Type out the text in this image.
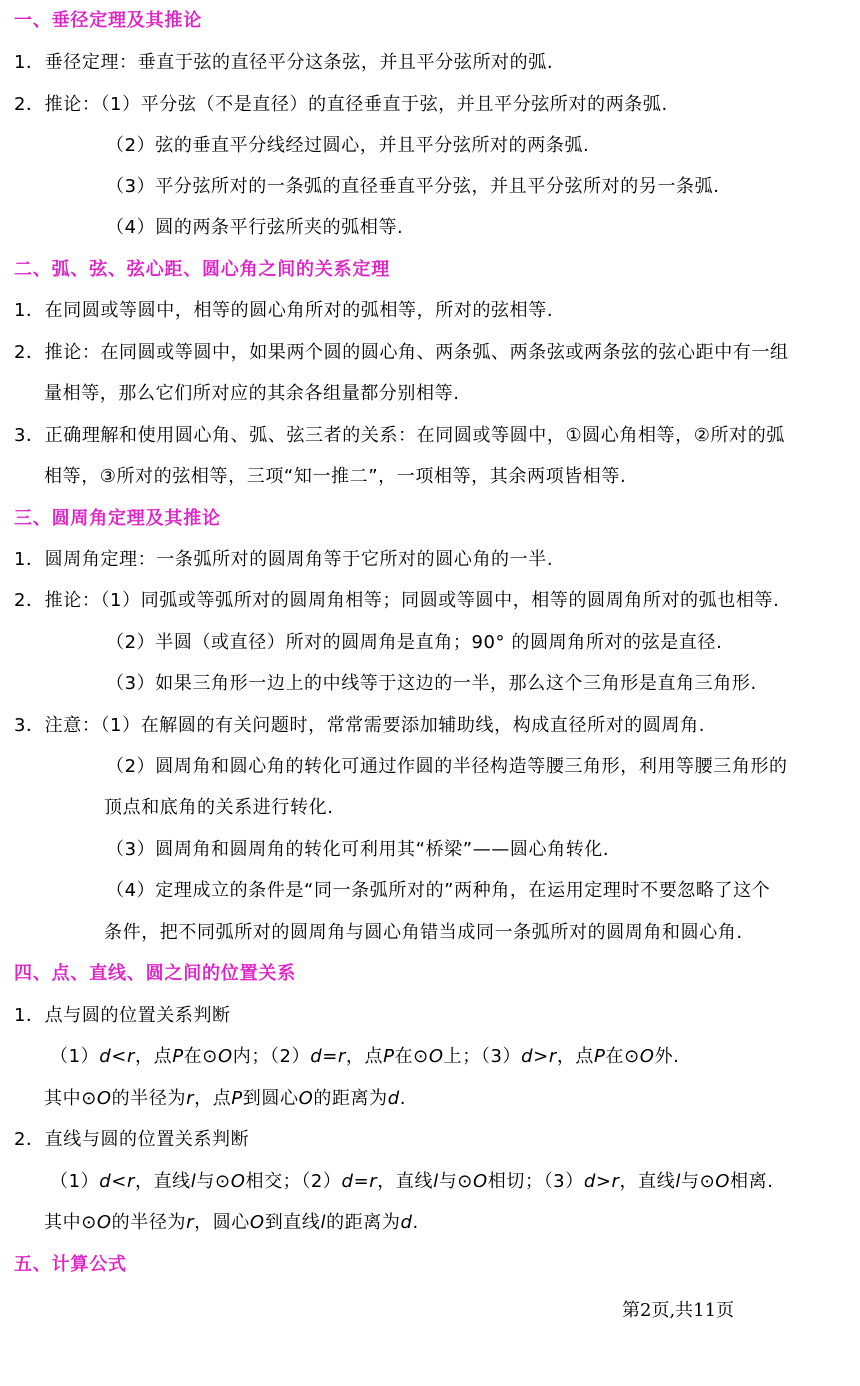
一、垂径定理及其推论
1．垂径定理：垂直于弦的直径平分这条弦，并且平分弦所对的弧.
2．推论：（1）平分弦（不是直径）的直径垂直于弦，并且平分弦所对的两条弧.
（2）弦的垂直平分线经过圆心，并且平分弦所对的两条弧.
（3）平分弦所对的一条弧的直径垂直平分弦，并且平分弦所对的另一条弧.
（4）圆的两条平行弦所夹的弧相等.
二、弧、弦、弦心距、圆心角之间的关系定理
1．在同圆或等圆中，相等的圆心角所对的弧相等，所对的弦相等.
2．推论：在同圆或等圆中，如果两个圆的圆心角、两条弧、两条弦或两条弦的弦心距中有一组
量相等，那么它们所对应的其余各组量都分别相等.
3．正确理解和使用圆心角、弧、弦三者的关系：在同圆或等圆中，①圆心角相等，②所对的弧
相等，③所对的弦相等，三项“知一推二”，一项相等，其余两项皆相等.
三、圆周角定理及其推论
1．圆周角定理：一条弧所对的圆周角等于它所对的圆心角的一半.
2．推论：（1）同弧或等弧所对的圆周角相等；同圆或等圆中，相等的圆周角所对的弧也相等.
（2）半圆（或直径）所对的圆周角是直角；90° 的圆周角所对的弦是直径.
（3）如果三角形一边上的中线等于这边的一半，那么这个三角形是直角三角形.
3．注意：（1）在解圆的有关问题时，常常需要添加辅助线，构成直径所对的圆周角.
（2）圆周角和圆心角的转化可通过作圆的半径构造等腰三角形，利用等腰三角形的
顶点和底角的关系进行转化.
（3）圆周角和圆周角的转化可利用其“桥梁”——圆心角转化.
（4）定理成立的条件是“同一条弧所对的”两种角，在运用定理时不要忽略了这个
条件，把不同弧所对的圆周角与圆心角错当成同一条弧所对的圆周角和圆心角.
四、点、直线、圆之间的位置关系
1．点与圆的位置关系判断
（1）d<r，点P在⊙O内；（2）d=r，点P在⊙O上；（3）d>r，点P在⊙O外.
其中⊙O的半径为r，点P到圆心O的距离为d.
2．直线与圆的位置关系判断
（1）d<r，直线l与⊙O相交；（2）d=r，直线l与⊙O相切；（3）d>r，直线l与⊙O相离.
其中⊙O的半径为r，圆心O到直线l的距离为d.
五、计算公式
第2页,共11页
